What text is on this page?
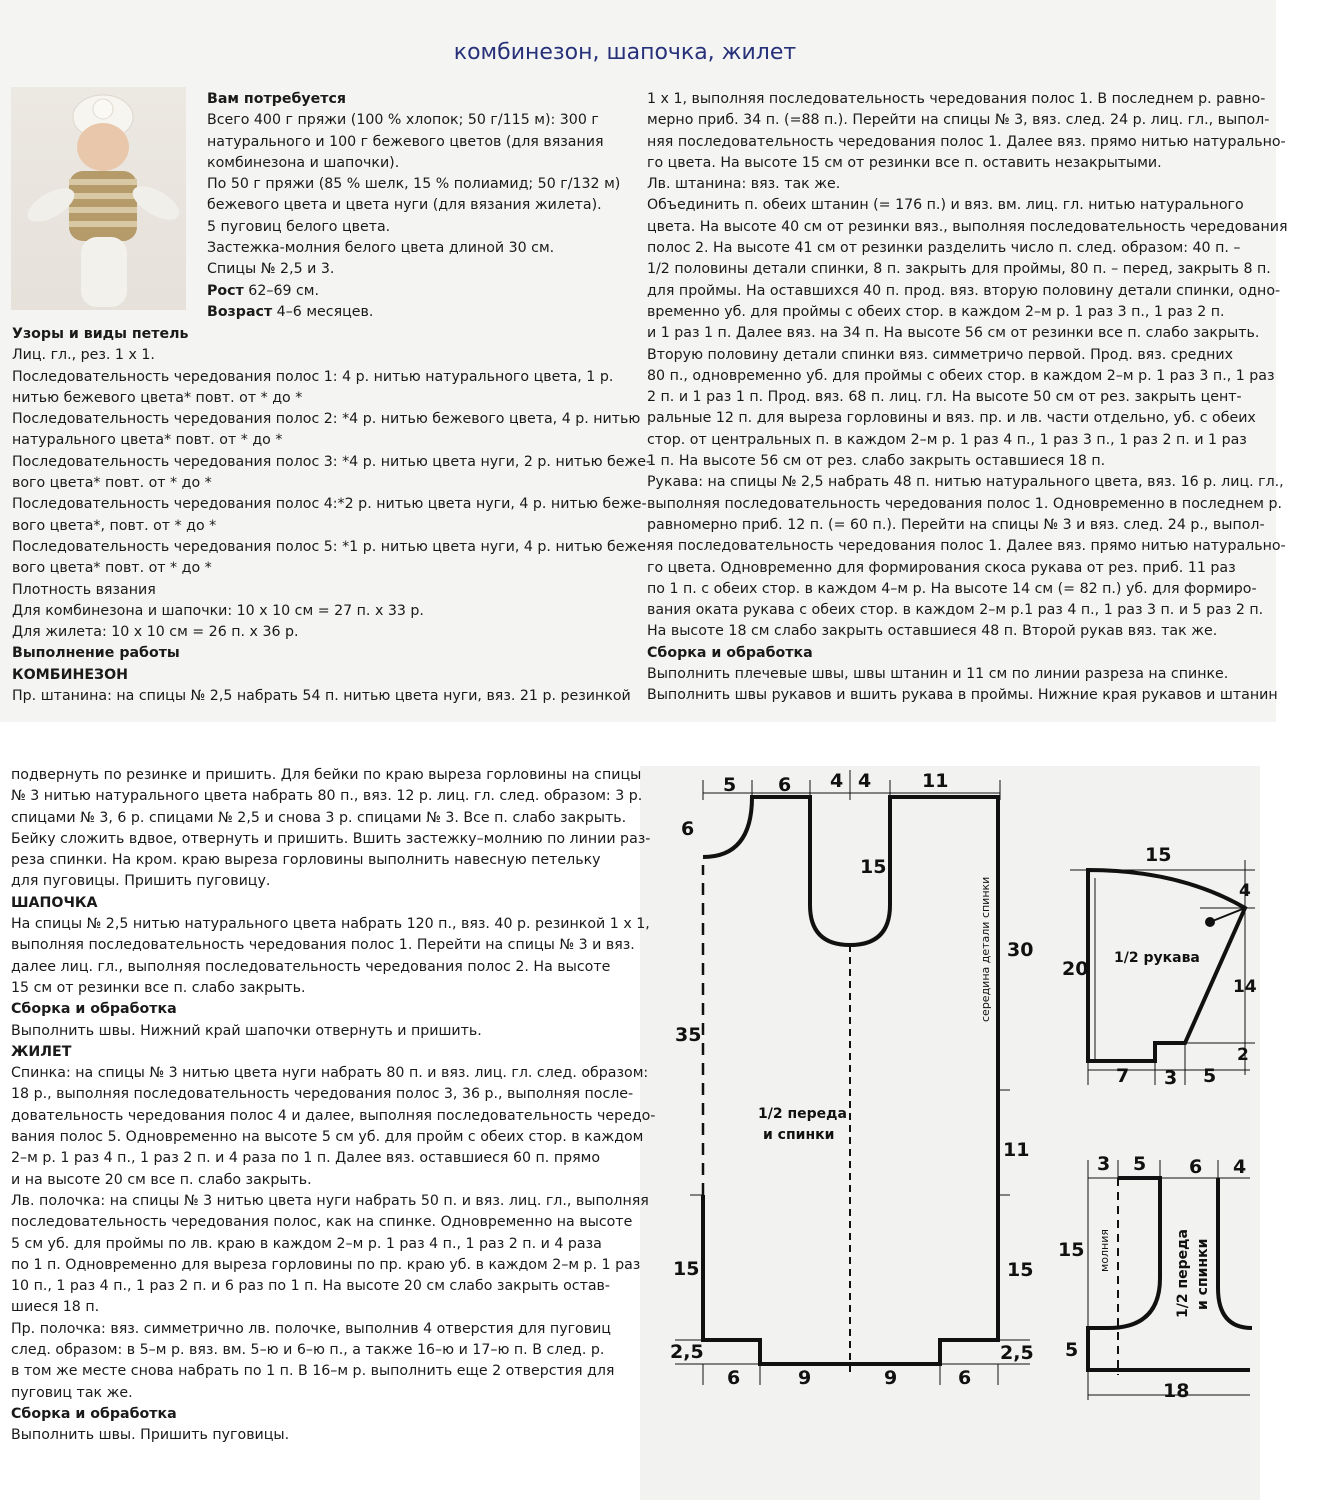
комбинезон, шапочка, жилет

Вам потребуется

Всего 400 г пряжи (100 % хлопок; 50 г/115 м): 300 г

натурального и 100 г бежевого цветов (для вязания

комбинезона и шапочки).

По 50 г пряжи (85 % шелк, 15 % полиамид; 50 г/132 м)

бежевого цвета и цвета нуги (для вязания жилета).

5 пуговиц белого цвета.

Застежка-молния белого цвета длиной 30 см.

Спицы № 2,5 и 3.

Рост 62–69 см.

Возраст 4–6 месяцев.

Узоры и виды петель

Лиц. гл., рез. 1 x 1.

Последовательность чередования полос 1: 4 р. нитью натурального цвета, 1 р.

нитью бежевого цвета* повт. от * до *

Последовательность чередования полос 2: *4 р. нитью бежевого цвета, 4 р. нитью

натурального цвета* повт. от * до *

Последовательность чередования полос 3: *4 р. нитью цвета нуги, 2 р. нитью беже-

вого цвета* повт. от * до *

Последовательность чередования полос 4:*2 р. нитью цвета нуги, 4 р. нитью беже-

вого цвета*, повт. от * до *

Последовательность чередования полос 5: *1 р. нитью цвета нуги, 4 р. нитью беже-

вого цвета* повт. от * до *

Плотность вязания

Для комбинезона и шапочки: 10 x 10 см = 27 п. x 33 р.

Для жилета: 10 x 10 см = 26 п. x 36 р.

Выполнение работы

КОМБИНЕЗОН

Пр. штанина: на спицы № 2,5 набрать 54 п. нитью цвета нуги, вяз. 21 р. резинкой

1 x 1, выполняя последовательность чередования полос 1. В последнем р. равно-

мерно приб. 34 п. (=88 п.). Перейти на спицы № 3, вяз. след. 24 р. лиц. гл., выпол-

няя последовательность чередования полос 1. Далее вяз. прямо нитью натурально-

го цвета. На высоте 15 см от резинки все п. оставить незакрытыми.

Лв. штанина: вяз. так же.

Объединить п. обеих штанин (= 176 п.) и вяз. вм. лиц. гл. нитью натурального

цвета. На высоте 40 см от резинки вяз., выполняя последовательность чередования

полос 2. На высоте 41 см от резинки разделить число п. след. образом: 40 п. –

1/2 половины детали спинки, 8 п. закрыть для проймы, 80 п. – перед, закрыть 8 п.

для проймы. На оставшихся 40 п. прод. вяз. вторую половину детали спинки, одно-

временно уб. для проймы с обеих стор. в каждом 2–м р. 1 раз 3 п., 1 раз 2 п.

и 1 раз 1 п. Далее вяз. на 34 п. На высоте 56 см от резинки все п. слабо закрыть.

Вторую половину детали спинки вяз. симметричо первой. Прод. вяз. средних

80 п., одновременно уб. для проймы с обеих стор. в каждом 2–м р. 1 раз 3 п., 1 раз

2 п. и 1 раз 1 п. Прод. вяз. 68 п. лиц. гл. На высоте 50 см от рез. закрыть цент-

ральные 12 п. для выреза горловины и вяз. пр. и лв. части отдельно, уб. с обеих

стор. от центральных п. в каждом 2–м р. 1 раз 4 п., 1 раз 3 п., 1 раз 2 п. и 1 раз

1 п. На высоте 56 см от рез. слабо закрыть оставшиеся 18 п.

Рукава: на спицы № 2,5 набрать 48 п. нитью натурального цвета, вяз. 16 р. лиц. гл.,

выполняя последовательность чередования полос 1. Одновременно в последнем р.

равномерно приб. 12 п. (= 60 п.). Перейти на спицы № 3 и вяз. след. 24 р., выпол-

няя последовательность чередования полос 1. Далее вяз. прямо нитью натурально-

го цвета. Одновременно для формирования скоса рукава от рез. приб. 11 раз

по 1 п. с обеих стор. в каждом 4–м р. На высоте 14 см (= 82 п.) уб. для формиро-

вания оката рукава с обеих стор. в каждом 2–м р.1 раз 4 п., 1 раз 3 п. и 5 раз 2 п.

На высоте 18 см слабо закрыть оставшиеся 48 п. Второй рукав вяз. так же.

Сборка и обработка

Выполнить плечевые швы, швы штанин и 11 см по линии разреза на спинке.

Выполнить швы рукавов и вшить рукава в проймы. Нижние края рукавов и штанин

подвернуть по резинке и пришить. Для бейки по краю выреза горловины на спицы

№ 3 нитью натурального цвета набрать 80 п., вяз. 12 р. лиц. гл. след. образом: 3 р.

спицами № 3, 6 р. спицами № 2,5 и снова 3 р. спицами № 3. Все п. слабо закрыть.

Бейку сложить вдвое, отвернуть и пришить. Вшить застежку–молнию по линии раз-

реза спинки. На кром. краю выреза горловины выполнить навесную петельку

для пуговицы. Пришить пуговицу.

ШАПОЧКА

На спицы № 2,5 нитью натурального цвета набрать 120 п., вяз. 40 р. резинкой 1 x 1,

выполняя последовательность чередования полос 1. Перейти на спицы № 3 и вяз.

далее лиц. гл., выполняя последовательность чередования полос 2. На высоте

15 см от резинки все п. слабо закрыть.

Сборка и обработка

Выполнить швы. Нижний край шапочки отвернуть и пришить.

ЖИЛЕТ

Спинка: на спицы № 3 нитью цвета нуги набрать 80 п. и вяз. лиц. гл. след. образом:

18 р., выполняя последовательность чередования полос 3, 36 р., выполняя после-

довательность чередования полос 4 и далее, выполняя последовательность чередо-

вания полос 5. Одновременно на высоте 5 см уб. для пройм с обеих стор. в каждом

2–м р. 1 раз 4 п., 1 раз 2 п. и 4 раза по 1 п. Далее вяз. оставшиеся 60 п. прямо

и на высоте 20 см все п. слабо закрыть.

Лв. полочка: на спицы № 3 нитью цвета нуги набрать 50 п. и вяз. лиц. гл., выполняя

последовательность чередования полос, как на спинке. Одновременно на высоте

5 см уб. для проймы по лв. краю в каждом 2–м р. 1 раз 4 п., 1 раз 2 п. и 4 раза

по 1 п. Одновременно для выреза горловины по пр. краю уб. в каждом 2–м р. 1 раз

10 п., 1 раз 4 п., 1 раз 2 п. и 6 раз по 1 п. На высоте 20 см слабо закрыть остав-

шиеся 18 п.

Пр. полочка: вяз. симметрично лв. полочке, выполнив 4 отверстия для пуговиц

след. образом: в 5–м р. вяз. вм. 5–ю и 6–ю п., а также 16–ю и 17–ю п. В след. р.

в том же месте снова набрать по 1 п. В 16–м р. выполнить еще 2 отверстия для

пуговиц так же.

Сборка и обработка

Выполнить швы. Пришить пуговицы.

5 6 4 4	11
6
15
30
35
11
15	15
2,5	2,5
6	9	9	6
середина детали спинки
1/2 переда
и спинки
15
4
20
14
2
7 3 5
1/2 рукава
3 5 6 4
15
5
18
молния	1/2 переда и спинки
